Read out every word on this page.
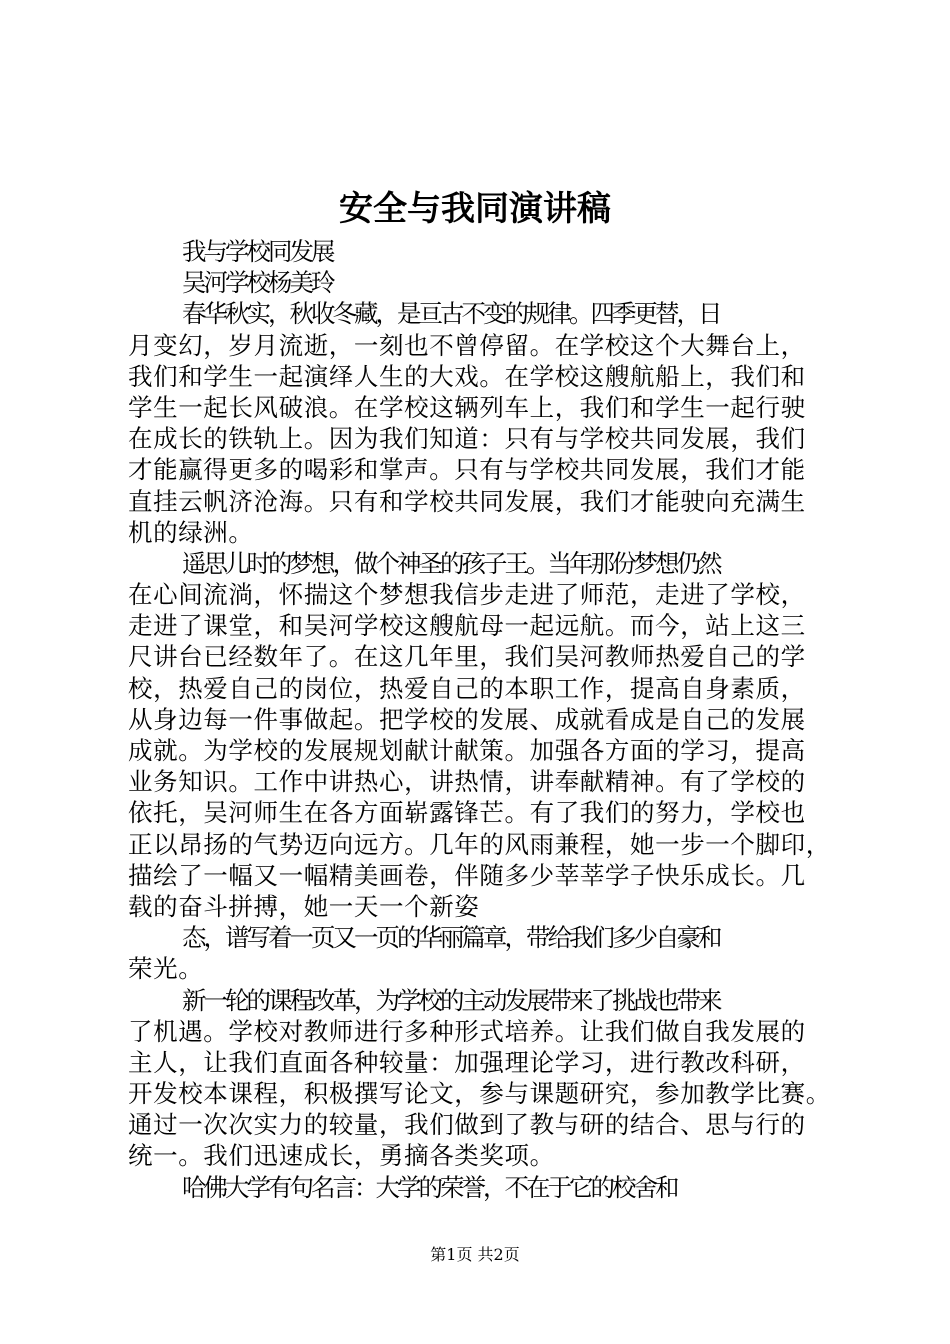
安全与我同演讲稿
我与学校同发展
吴河学校杨美玲
春华秋实，秋收冬藏，是亘古不变的规律。四季更替，日
月变幻，岁月流逝，一刻也不曾停留。在学校这个大舞台上，
我们和学生一起演绎人生的大戏。在学校这艘航船上，我们和
学生一起长风破浪。在学校这辆列车上，我们和学生一起行驶
在成长的铁轨上。因为我们知道：只有与学校共同发展，我们
才能赢得更多的喝彩和掌声。只有与学校共同发展，我们才能
直挂云帆济沧海。只有和学校共同发展，我们才能驶向充满生
机的绿洲。
遥思儿时的梦想，做个神圣的孩子王。当年那份梦想仍然
在心间流淌，怀揣这个梦想我信步走进了师范，走进了学校，
走进了课堂，和吴河学校这艘航母一起远航。而今，站上这三
尺讲台已经数年了。在这几年里，我们吴河教师热爱自己的学
校，热爱自己的岗位，热爱自己的本职工作，提高自身素质，
从身边每一件事做起。把学校的发展、成就看成是自己的发展
成就。为学校的发展规划献计献策。加强各方面的学习，提高
业务知识。工作中讲热心，讲热情，讲奉献精神。有了学校的
依托，吴河师生在各方面崭露锋芒。有了我们的努力，学校也
正以昂扬的气势迈向远方。几年的风雨兼程，她一步一个脚印，
描绘了一幅又一幅精美画卷，伴随多少莘莘学子快乐成长。几
载的奋斗拼搏，她一天一个新姿
态，谱写着一页又一页的华丽篇章，带给我们多少自豪和
荣光。
新一轮的课程改革，为学校的主动发展带来了挑战也带来
了机遇。学校对教师进行多种形式培养。让我们做自我发展的
主人，让我们直面各种较量：加强理论学习，进行教改科研，
开发校本课程，积极撰写论文，参与课题研究，参加教学比赛。
通过一次次实力的较量，我们做到了教与研的结合、思与行的
统一。我们迅速成长，勇摘各类奖项。
哈佛大学有句名言：大学的荣誉，不在于它的校舍和
第1页 共2页
